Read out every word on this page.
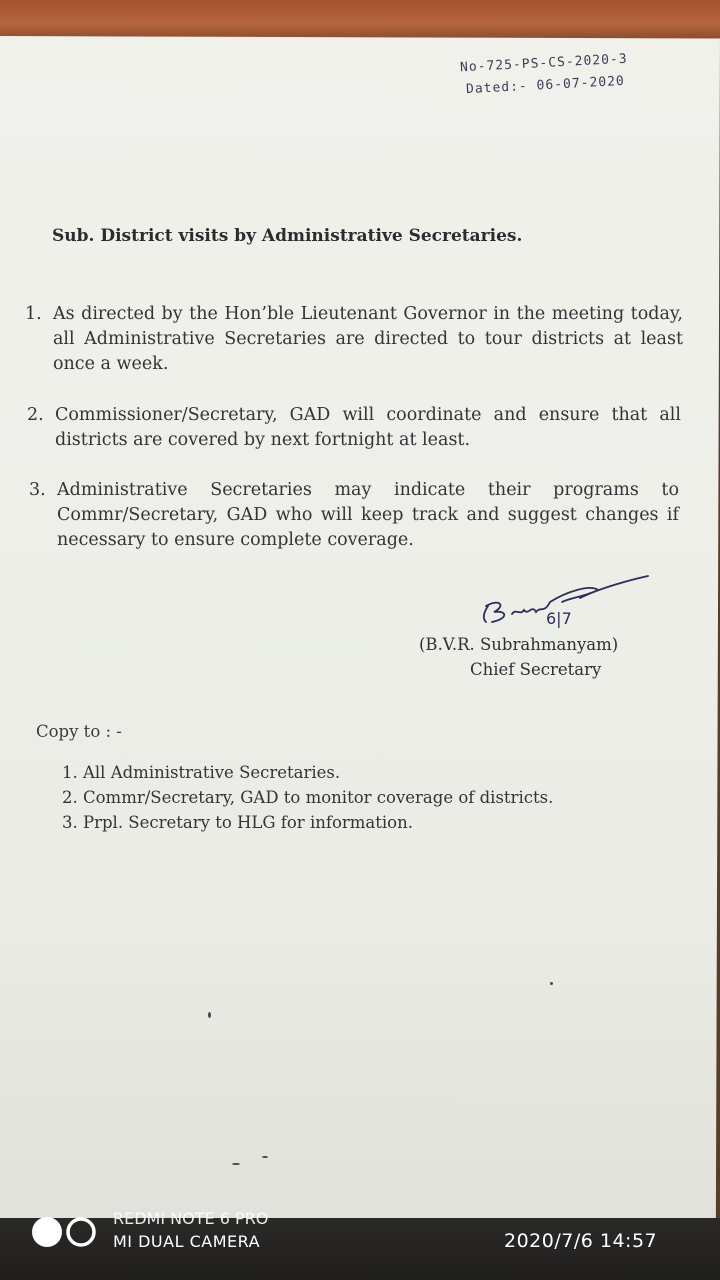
No-725-PS-CS-2020-3
Dated:- 06-07-2020
Sub. District visits by Administrative Secretaries.
1. As directed by the Hon’ble Lieutenant Governor in the meeting today, all Administrative Secretaries are directed to tour districts at least once a week.
2. Commissioner/Secretary, GAD will coordinate and ensure that all districts are covered by next fortnight at least.
3. Administrative Secretaries may indicate their programs to Commr/Secretary, GAD who will keep track and suggest changes if necessary to ensure complete coverage.
6|7
(B.V.R. Subrahmanyam)
Chief Secretary
Copy to : -
1. All Administrative Secretaries.
2. Commr/Secretary, GAD to monitor coverage of districts.
3. Prpl. Secretary to HLG for information.
REDMI NOTE 6 PRO
MI DUAL CAMERA	2020/7/6 14:57
